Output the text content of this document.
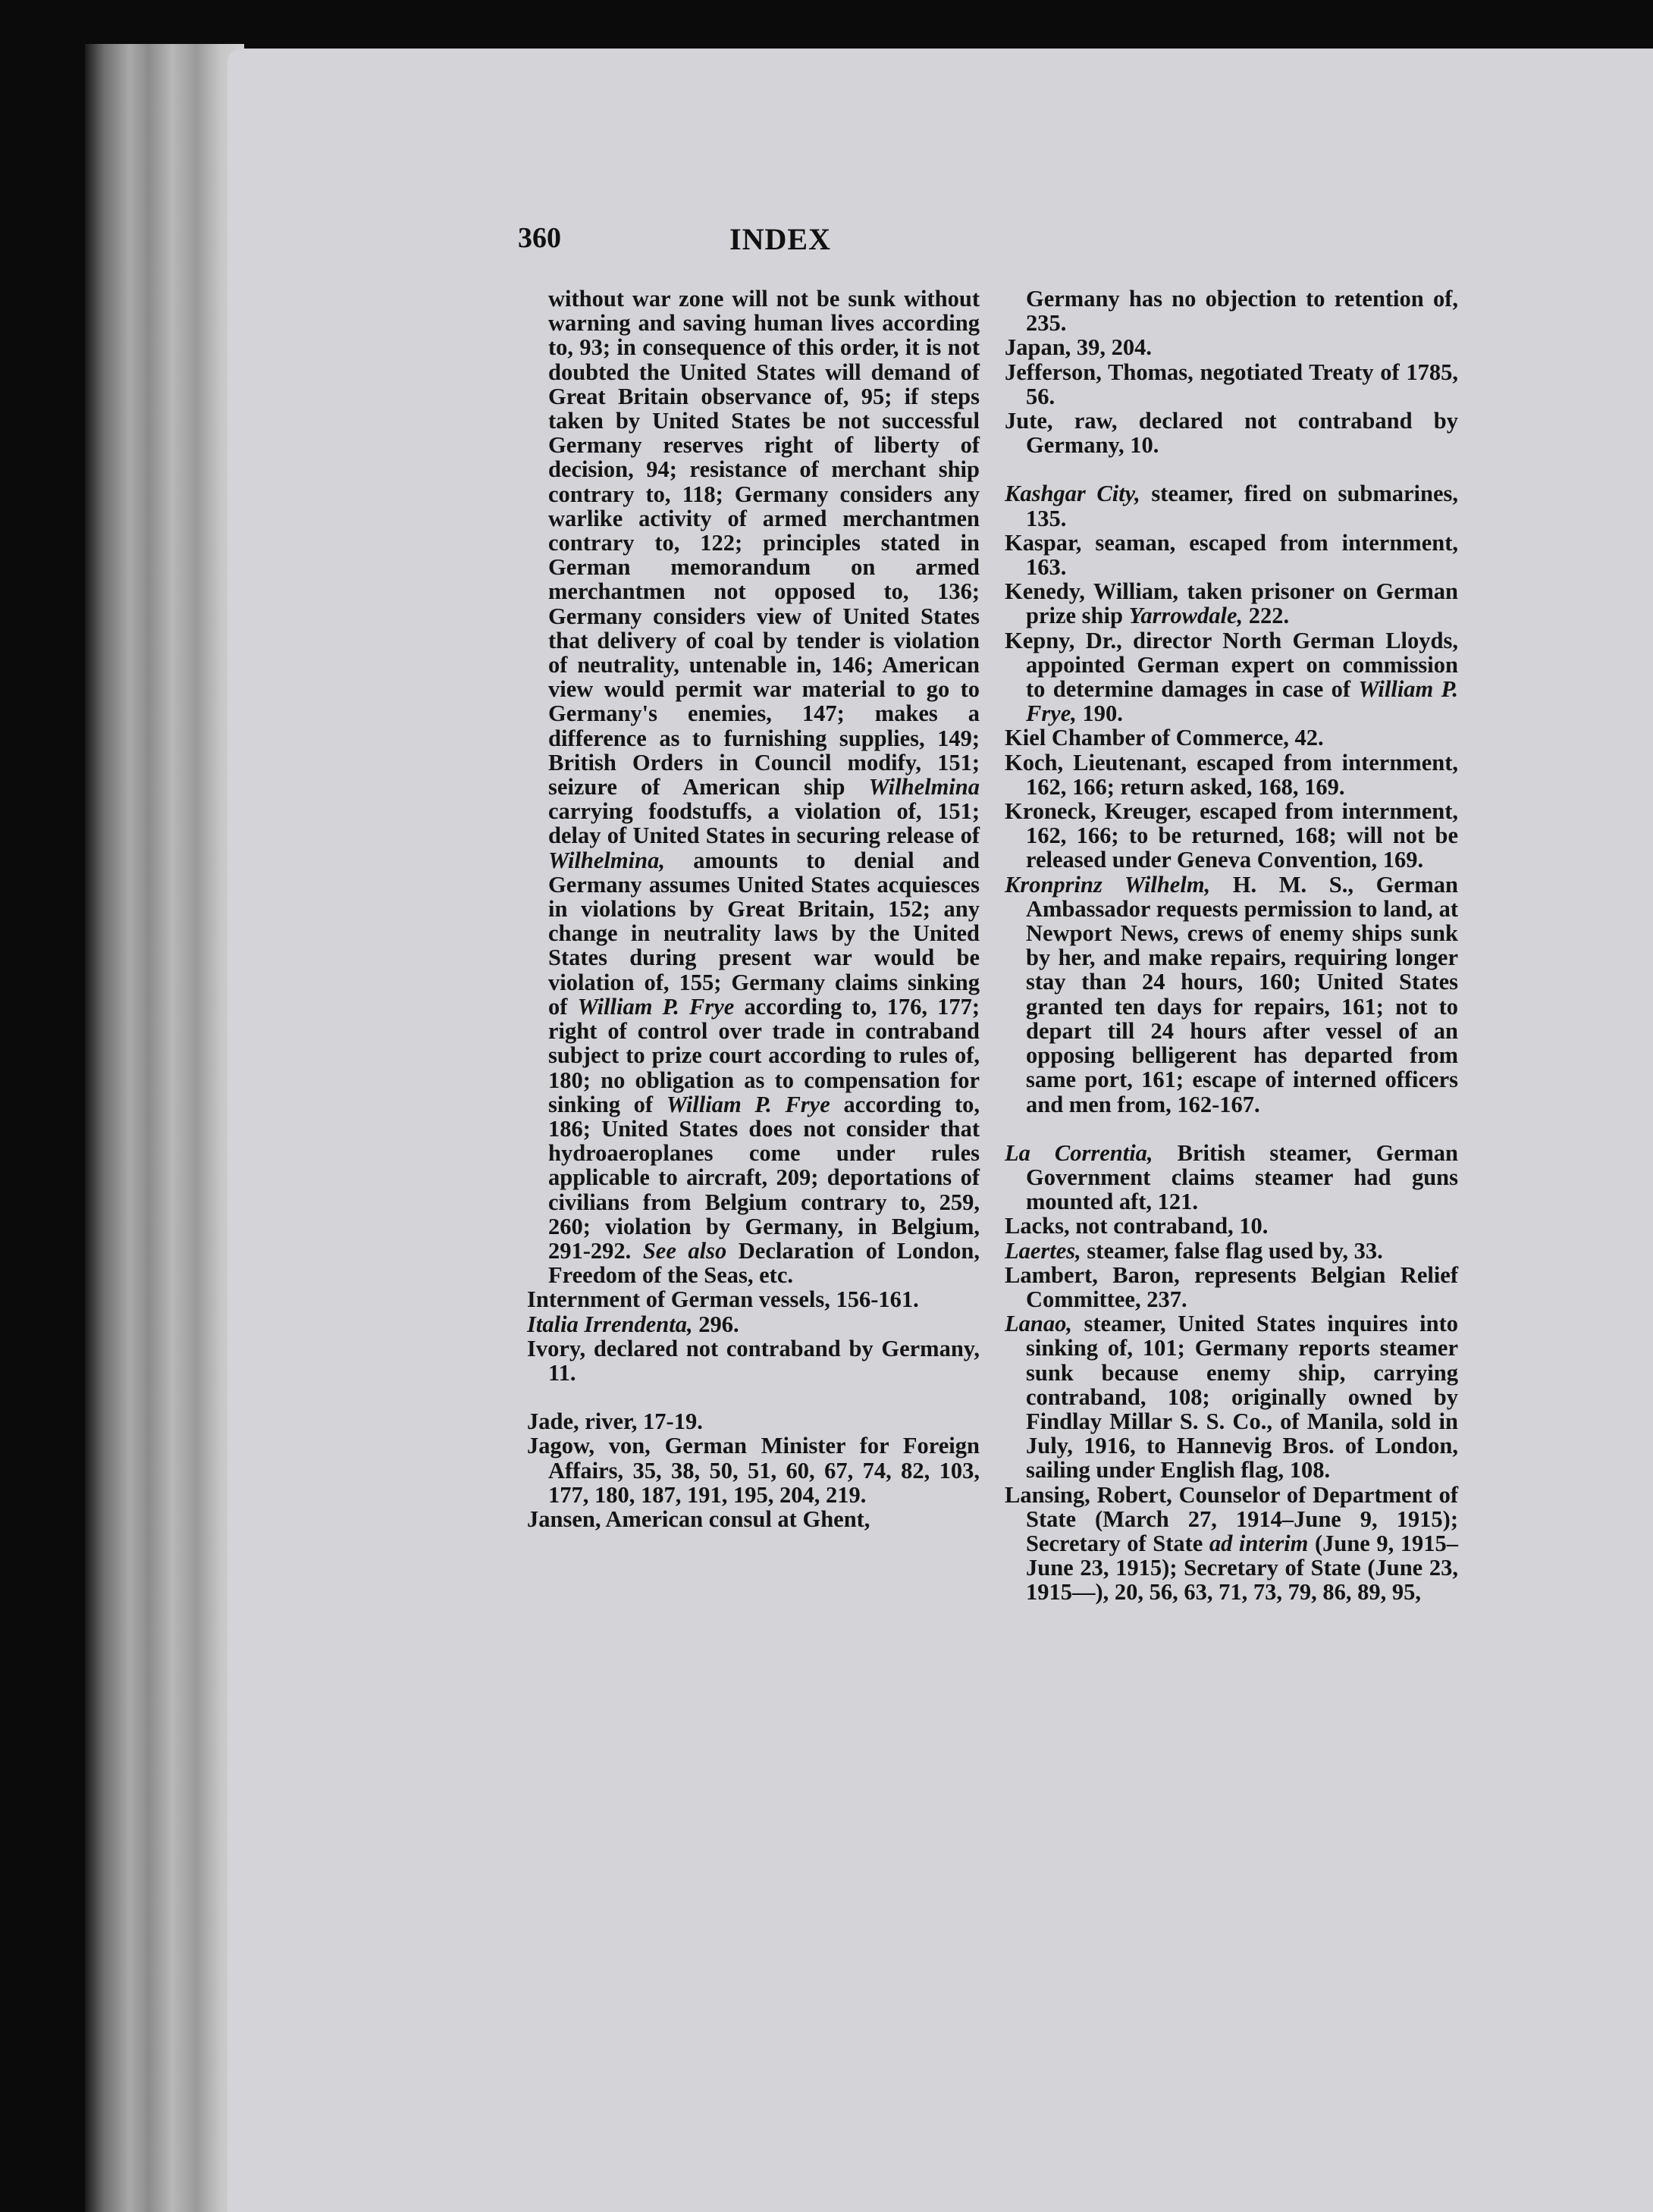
360	INDEX

without war zone will not be sunk without warning and saving human lives according to, 93; in consequence of this order, it is not doubted the United States will demand of Great Britain observance of, 95; if steps taken by United States be not successful Germany reserves right of liberty of decision, 94; resistance of merchant ship contrary to, 118; Germany considers any warlike activity of armed merchantmen contrary to, 122; principles stated in German memorandum on armed merchantmen not opposed to, 136; Germany considers view of United States that delivery of coal by tender is violation of neutrality, untenable in, 146; American view would permit war material to go to Germany's enemies, 147; makes a difference as to furnishing supplies, 149; British Orders in Council modify, 151; seizure of American ship Wilhelmina carrying foodstuffs, a violation of, 151; delay of United States in securing release of Wilhelmina, amounts to denial and Germany assumes United States acquiesces in violations by Great Britain, 152; any change in neutrality laws by the United States during present war would be violation of, 155; Germany claims sinking of William P. Frye according to, 176, 177; right of control over trade in contraband subject to prize court according to rules of, 180; no obligation as to compensation for sinking of William P. Frye according to, 186; United States does not consider that hydroaeroplanes come under rules applicable to aircraft, 209; deportations of civilians from Belgium contrary to, 259, 260; violation by Germany, in Belgium, 291-292. See also Declaration of London, Freedom of the Seas, etc.

Internment of German vessels, 156-161.

Italia Irrendenta, 296.

Ivory, declared not contraband by Germany, 11.

Jade, river, 17-19.

Jagow, von, German Minister for Foreign Affairs, 35, 38, 50, 51, 60, 67, 74, 82, 103, 177, 180, 187, 191, 195, 204, 219.

Jansen, American consul at Ghent,

Germany has no objection to retention of, 235.

Japan, 39, 204.

Jefferson, Thomas, negotiated Treaty of 1785, 56.

Jute, raw, declared not contraband by Germany, 10.

Kashgar City, steamer, fired on submarines, 135.

Kaspar, seaman, escaped from internment, 163.

Kenedy, William, taken prisoner on German prize ship Yarrowdale, 222.

Kepny, Dr., director North German Lloyds, appointed German expert on commission to determine damages in case of William P. Frye, 190.

Kiel Chamber of Commerce, 42.

Koch, Lieutenant, escaped from internment, 162, 166; return asked, 168, 169.

Kroneck, Kreuger, escaped from internment, 162, 166; to be returned, 168; will not be released under Geneva Convention, 169.

Kronprinz Wilhelm, H. M. S., German Ambassador requests permission to land, at Newport News, crews of enemy ships sunk by her, and make repairs, requiring longer stay than 24 hours, 160; United States granted ten days for repairs, 161; not to depart till 24 hours after vessel of an opposing belligerent has departed from same port, 161; escape of interned officers and men from, 162-167.

La Correntia, British steamer, German Government claims steamer had guns mounted aft, 121.

Lacks, not contraband, 10.

Laertes, steamer, false flag used by, 33.

Lambert, Baron, represents Belgian Relief Committee, 237.

Lanao, steamer, United States inquires into sinking of, 101; Germany reports steamer sunk because enemy ship, carrying contraband, 108; originally owned by Findlay Millar S. S. Co., of Manila, sold in July, 1916, to Hannevig Bros. of London, sailing under English flag, 108.

Lansing, Robert, Counselor of Department of State (March 27, 1914–June 9, 1915); Secretary of State ad interim (June 9, 1915–June 23, 1915); Secretary of State (June 23, 1915—), 20, 56, 63, 71, 73, 79, 86, 89, 95,
